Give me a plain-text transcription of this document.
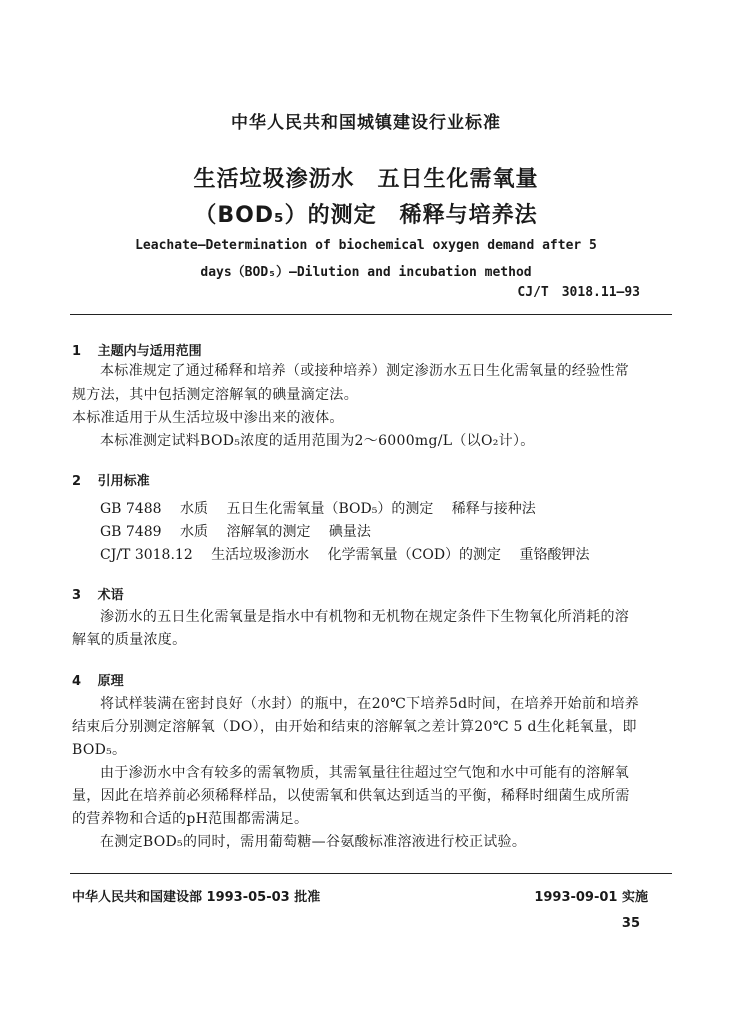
中华人民共和国城镇建设行业标准
生活垃圾渗沥水　五日生化需氧量
（BOD₅）的测定　稀释与培养法
Leachate—Determination of biochemical oxygen demand after 5
days（BOD₅）—Dilution and incubation method
CJ/T　3018.11—93
1 主题内与适用范围
本标准规定了通过稀释和培养（或接种培养）测定渗沥水五日生化需氧量的经验性常
规方法，其中包括测定溶解氧的碘量滴定法。
本标准适用于从生活垃圾中渗出来的液体。
本标准测定试料BOD₅浓度的适用范围为2～6000mg/L（以O₂计）。
2 引用标准
GB 7488 水质 五日生化需氧量（BOD₅）的测定 稀释与接种法
GB 7489 水质 溶解氧的测定 碘量法
CJ/T 3018.12 生活垃圾渗沥水 化学需氧量（COD）的测定 重铬酸钾法
3 术语
渗沥水的五日生化需氧量是指水中有机物和无机物在规定条件下生物氧化所消耗的溶
解氧的质量浓度。
4 原理
将试样装满在密封良好（水封）的瓶中，在20℃下培养5d时间，在培养开始前和培养
结束后分别测定溶解氧（DO），由开始和结束的溶解氧之差计算20℃ 5 d生化耗氧量，即
BOD₅。
由于渗沥水中含有较多的需氧物质，其需氧量往往超过空气饱和水中可能有的溶解氧
量，因此在培养前必须稀释样品，以使需氧和供氧达到适当的平衡，稀释时细菌生成所需
的营养物和合适的pH范围都需满足。
在测定BOD₅的同时，需用葡萄糖—谷氨酸标准溶液进行校正试验。
中华人民共和国建设部 1993-05-03 批准	1993-09-01 实施
35
